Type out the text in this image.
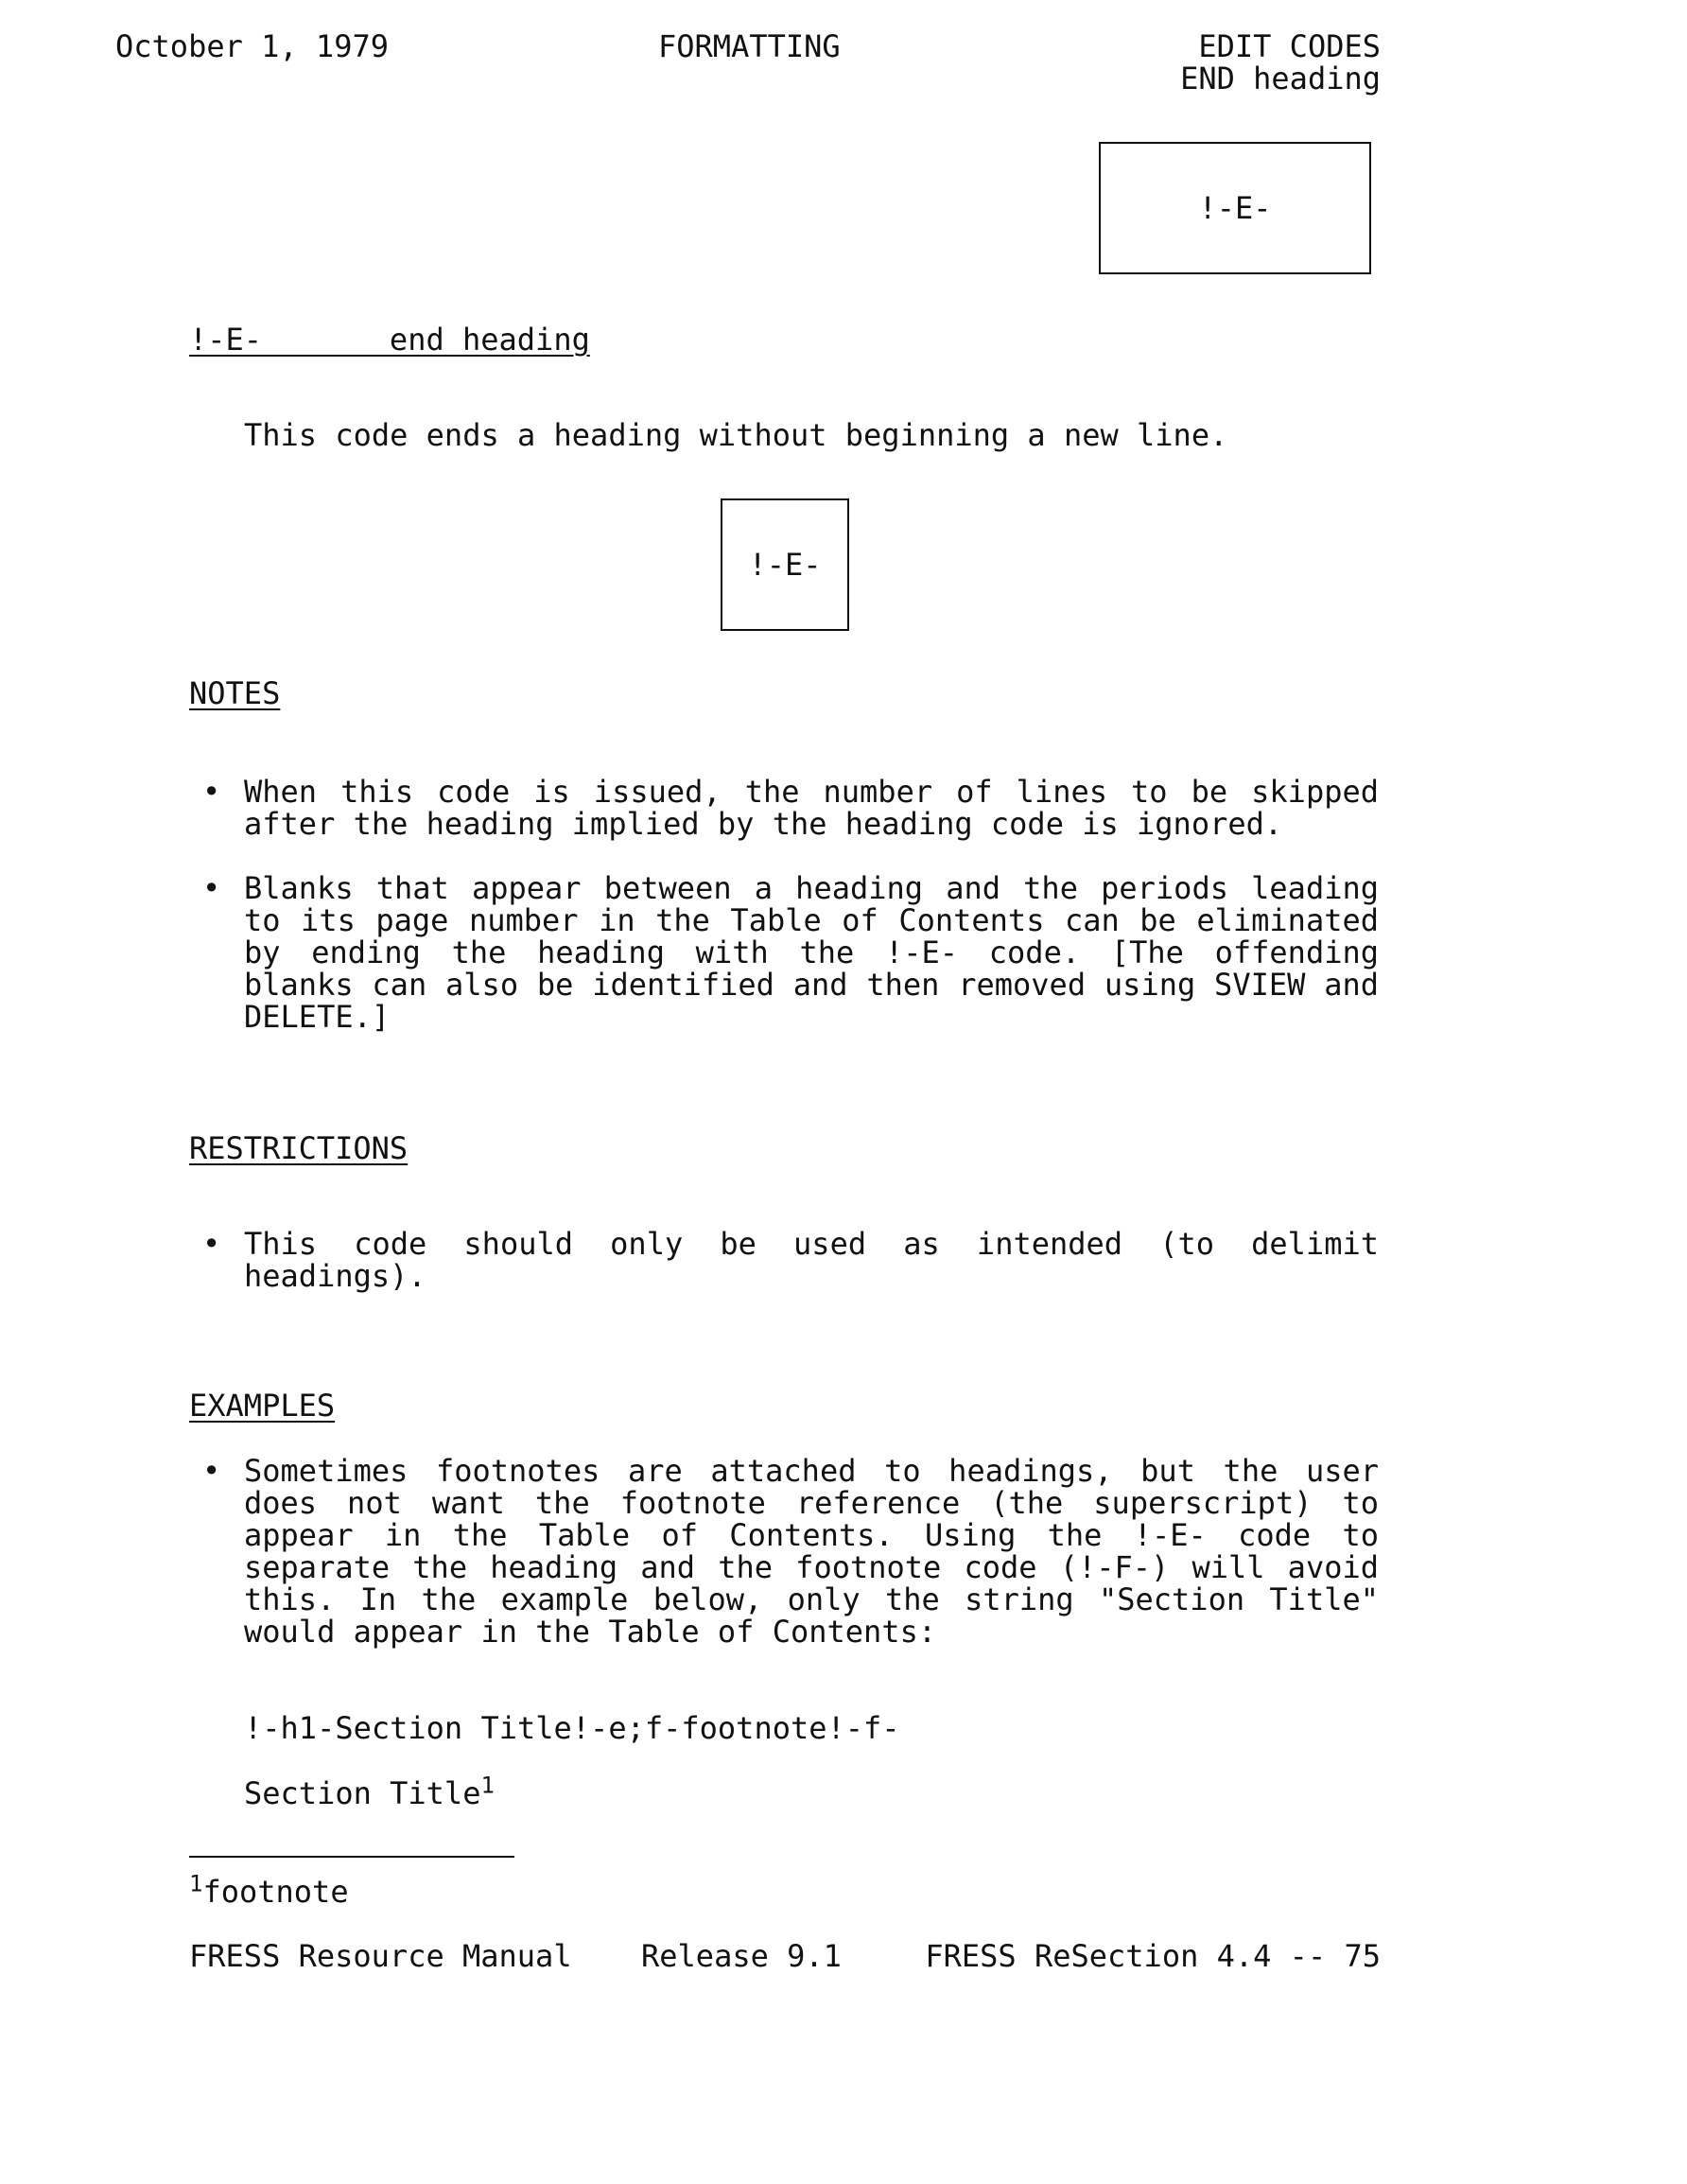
October 1, 1979	FORMATTING	EDIT CODES
END heading
!-E-
!-E-	end heading
This code ends a heading without beginning a new line.
!-E-
NOTES
• When this code is issued, the number of lines to be skipped after the heading implied by the heading code is ignored.
• Blanks that appear between a heading and the periods leading to its page number in the Table of Contents can be eliminated by ending the heading with the !-E- code. [The offending blanks can also be identified and then removed using SVIEW and DELETE.]
RESTRICTIONS
• This code should only be used as intended (to delimit headings).
EXAMPLES
• Sometimes footnotes are attached to headings, but the user does not want the footnote reference (the superscript) to appear in the Table of Contents. Using the !-E- code to separate the heading and the footnote code (!-F-) will avoid this. In the example below, only the string "Section Title" would appear in the Table of Contents:
!-h1-Section Title!-e;f-footnote!-f-
Section Title$^1$
$^1$footnote
FRESS Resource Manual Release 9.1	FRESS ReSection 4.4 -- 75
